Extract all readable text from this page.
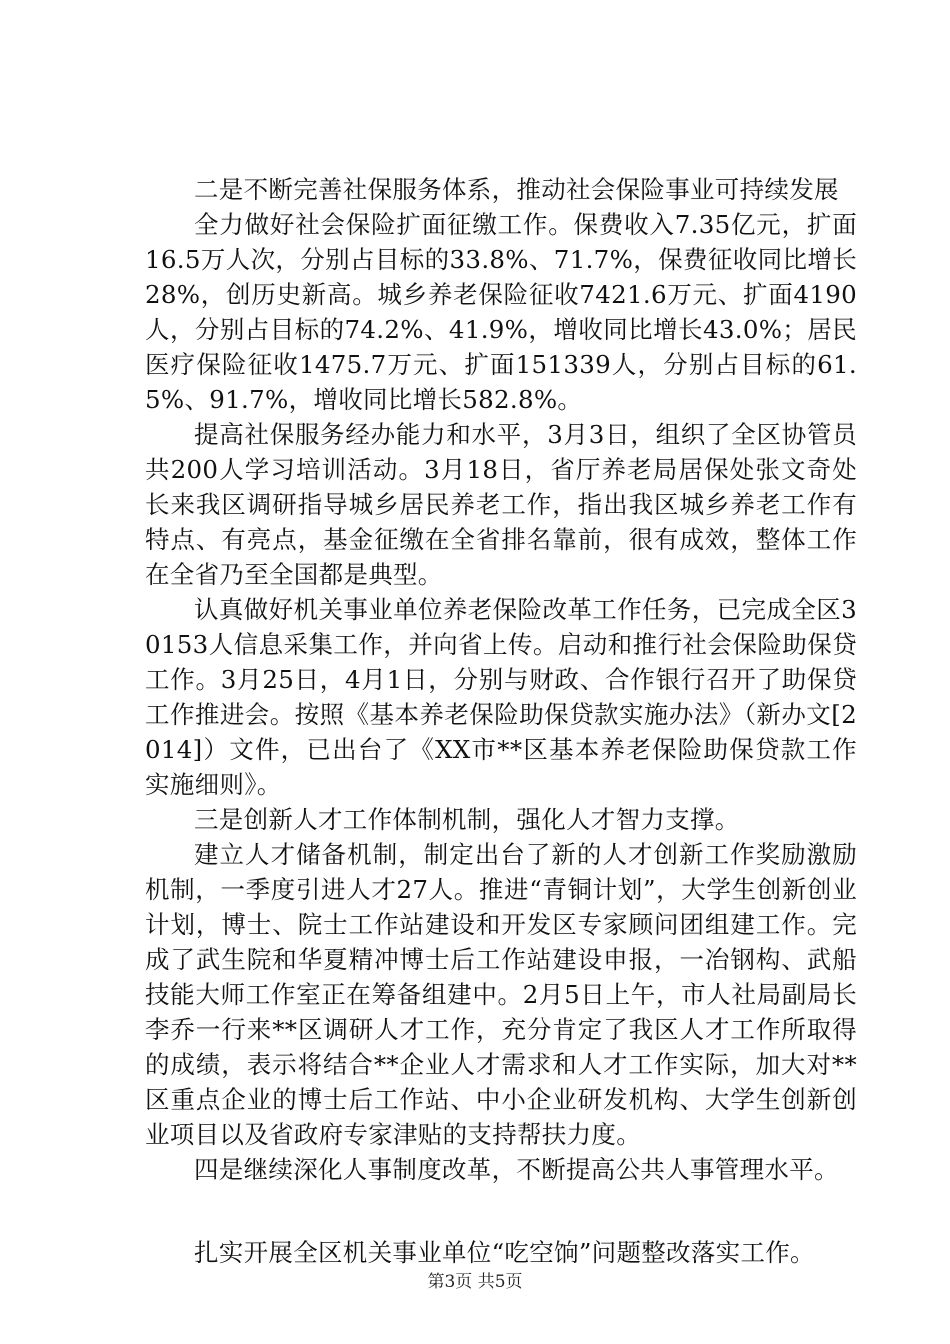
二是不断完善社保服务体系，推动社会保险事业可持续发展

全力做好社会保险扩面征缴工作。保费收入7.35亿元，扩面16.5万人次，分别占目标的33.8%、71.7%，保费征收同比增长28%，创历史新高。城乡养老保险征收7421.6万元、扩面4190人，分别占目标的74.2%、41.9%，增收同比增长43.0%；居民医疗保险征收1475.7万元、扩面151339人，分别占目标的61.5%、91.7%，增收同比增长582.8%。

提高社保服务经办能力和水平，3月3日，组织了全区协管员共200人学习培训活动。3月18日，省厅养老局居保处张文奇处长来我区调研指导城乡居民养老工作，指出我区城乡养老工作有特点、有亮点，基金征缴在全省排名靠前，很有成效，整体工作在全省乃至全国都是典型。

认真做好机关事业单位养老保险改革工作任务，已完成全区30153人信息采集工作，并向省上传。启动和推行社会保险助保贷工作。3月25日，4月1日，分别与财政、合作银行召开了助保贷工作推进会。按照《基本养老保险助保贷款实施办法》（新办文[2014]）文件，已出台了《XX市**区基本养老保险助保贷款工作实施细则》。

三是创新人才工作体制机制，强化人才智力支撑。

建立人才储备机制，制定出台了新的人才创新工作奖励激励机制，一季度引进人才27人。推进“青铜计划”，大学生创新创业计划，博士、院士工作站建设和开发区专家顾问团组建工作。完成了武生院和华夏精冲博士后工作站建设申报，一冶钢构、武船技能大师工作室正在筹备组建中。2月5日上午，市人社局副局长李乔一行来**区调研人才工作，充分肯定了我区人才工作所取得的成绩，表示将结合**企业人才需求和人才工作实际，加大对**区重点企业的博士后工作站、中小企业研发机构、大学生创新创业项目以及省政府专家津贴的支持帮扶力度。

四是继续深化人事制度改革，不断提高公共人事管理水平。

扎实开展全区机关事业单位“吃空饷”问题整改落实工作。

第3页 共5页
